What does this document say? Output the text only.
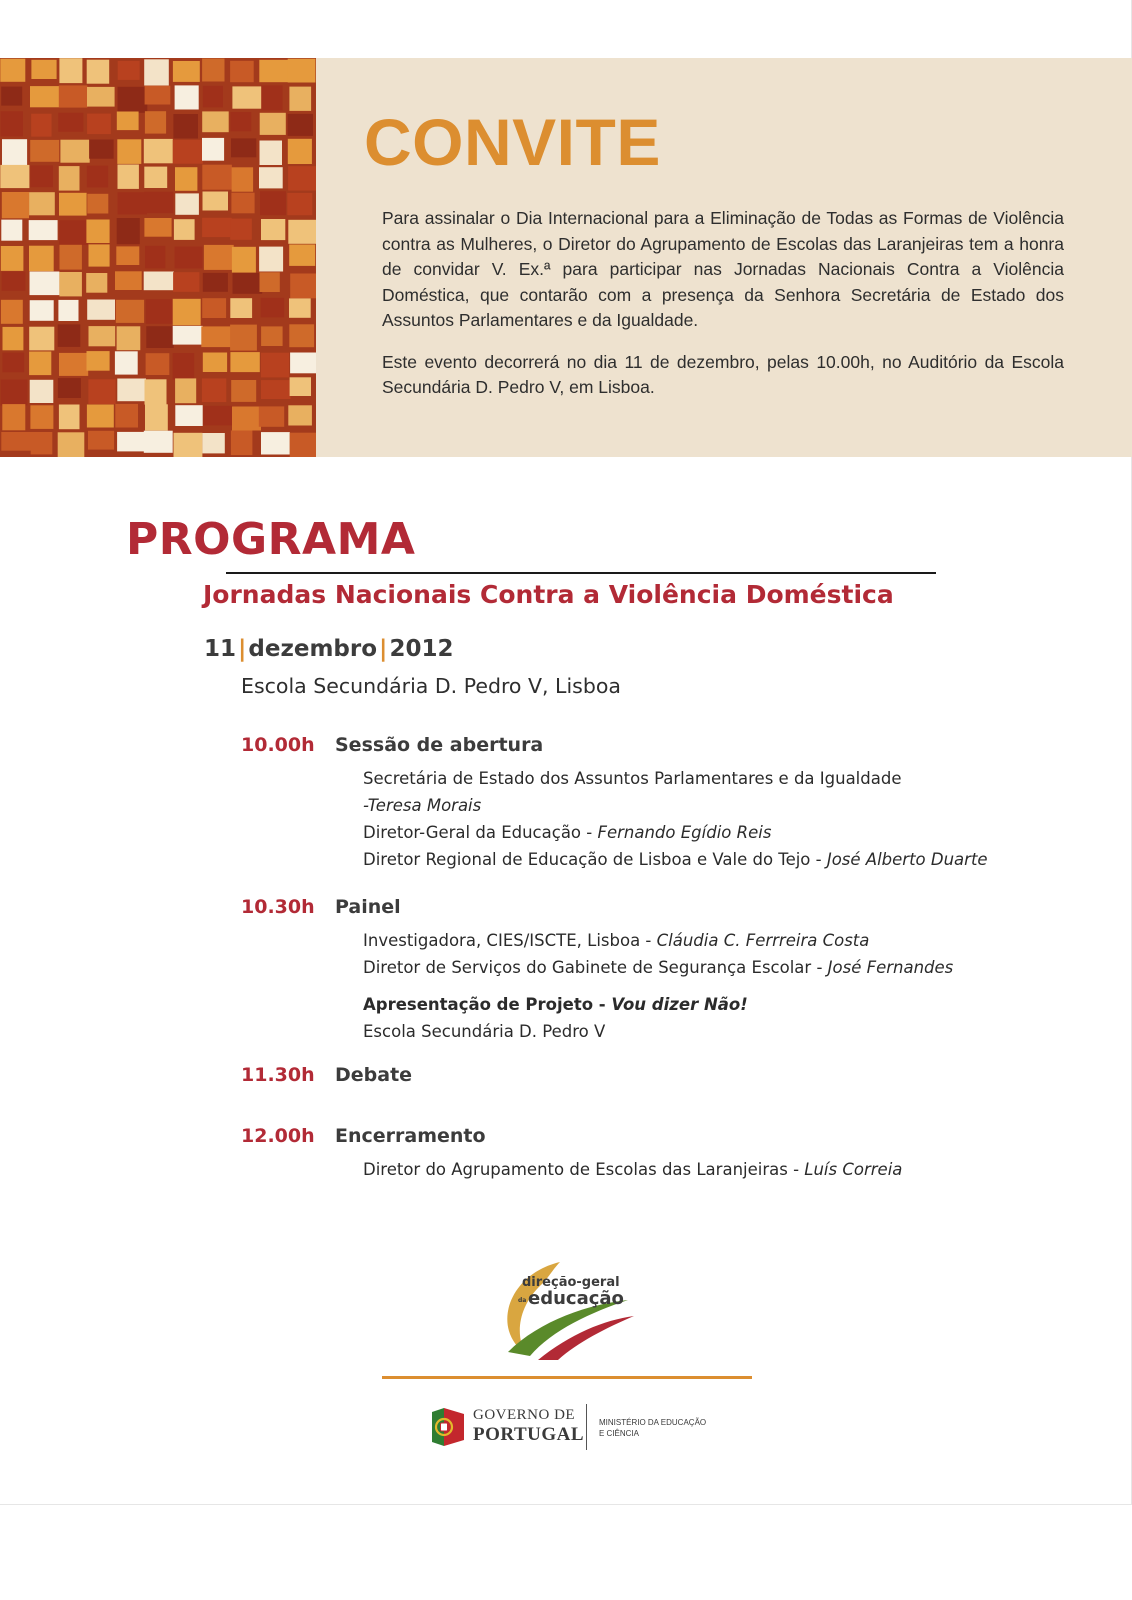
CONVITE

Para assinalar o Dia Internacional para a Eliminação de Todas as Formas de Violência contra as Mulheres, o Diretor do Agrupamento de Escolas das Laranjeiras tem a honra de convidar V. Ex.ª para participar nas Jornadas Nacionais Contra a Violência Doméstica, que contarão com a presença da Senhora Secretária de Estado dos Assuntos Parlamentares e da Igualdade.

Este evento decorrerá no dia 11 de dezembro, pelas 10.00h, no Auditório da Escola Secundária D. Pedro V, em Lisboa.

PROGRAMA
Jornadas Nacionais Contra a Violência Doméstica
11|dezembro|2012
Escola Secundária D. Pedro V, Lisboa
10.00h Sessão de abertura
Secretária de Estado dos Assuntos Parlamentares e da Igualdade
-Teresa Morais
Diretor-Geral da Educação - Fernando Egídio Reis
Diretor Regional de Educação de Lisboa e Vale do Tejo - José Alberto Duarte
10.30h Painel
Investigadora, CIES/ISCTE, Lisboa - Cláudia C. Ferrreira Costa
Diretor de Serviços do Gabinete de Segurança Escolar - José Fernandes
Apresentação de Projeto - Vou dizer Não!
Escola Secundária D. Pedro V
11.30h Debate
12.00h Encerramento
Diretor do Agrupamento de Escolas das Laranjeiras - Luís Correia
direção-geral
da educação
GOVERNO DE
PORTUGAL
MINISTÉRIO DA EDUCAÇÃO
E CIÊNCIA
